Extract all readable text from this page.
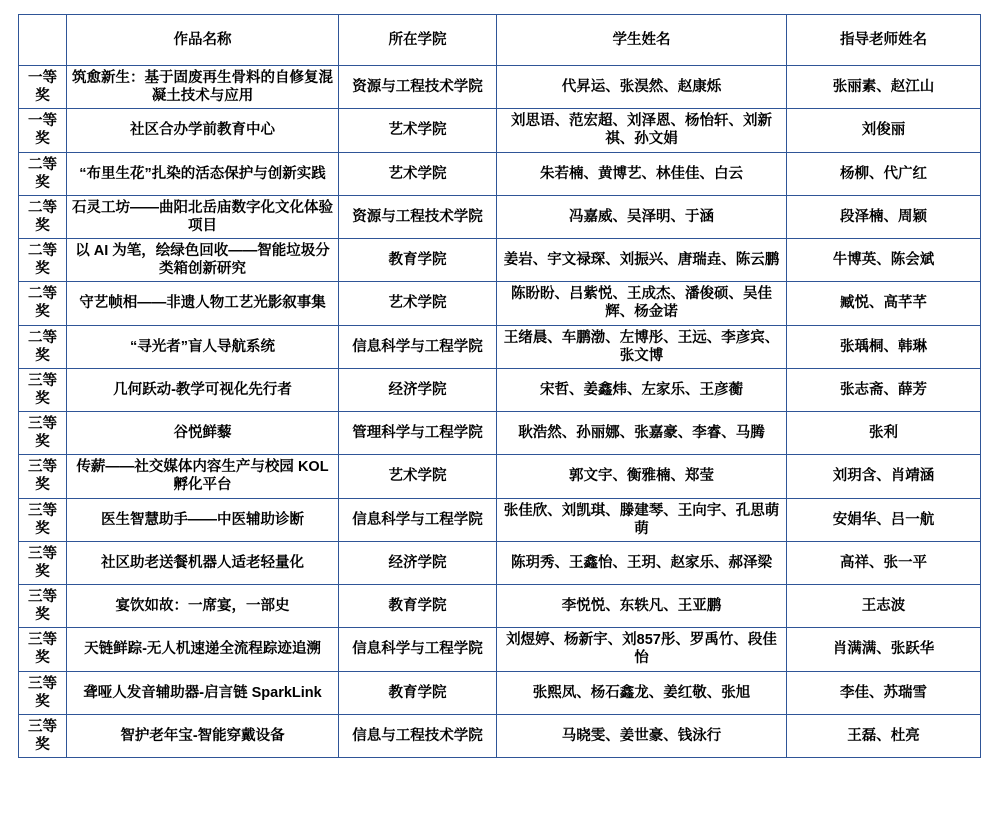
	作品名称	所在学院	学生姓名	指导老师姓名
一等奖	筑愈新生：基于固废再生骨料的自修复混凝土技术与应用	资源与工程技术学院	代昇运、张淏然、赵康烁	张丽素、赵江山
一等奖	社区合办学前教育中心	艺术学院	刘思语、范宏超、刘泽恩、杨怡轩、刘新祺、孙文娟	刘俊丽
二等奖	“布里生花”扎染的活态保护与创新实践	艺术学院	朱若楠、黄博艺、林佳佳、白云	杨柳、代广红
二等奖	石灵工坊——曲阳北岳庙数字化文化体验项目	资源与工程技术学院	冯嘉威、吴泽明、于涵	段泽楠、周颖
二等奖	以 AI 为笔，绘绿色回收——智能垃圾分类箱创新研究	教育学院	姜岩、宇文禄琛、刘振兴、唐瑞垚、陈云鹏	牛博英、陈会斌
二等奖	守艺帧相——非遗人物工艺光影叙事集	艺术学院	陈盼盼、吕紫悦、王成杰、潘俊硕、吴佳辉、杨金诺	臧悦、高芊芊
二等奖	“寻光者”盲人导航系统	信息科学与工程学院	王绪晨、车鹏渤、左博彤、王远、李彦宾、张文博	张瑀桐、韩琳
三等奖	几何跃动-教学可视化先行者	经济学院	宋哲、姜鑫炜、左家乐、王彦蘅	张志斋、薛芳
三等奖	谷悦鲜藜	管理科学与工程学院	耿浩然、孙丽娜、张嘉豪、李睿、马腾	张利
三等奖	传薪——社交媒体内容生产与校园 KOL 孵化平台	艺术学院	郭文宇、衡雅楠、郑莹	刘玥含、肖靖涵
三等奖	医生智慧助手——中医辅助诊断	信息科学与工程学院	张佳欣、刘凯琪、滕建琴、王向宇、孔思萌萌	安娟华、吕一航
三等奖	社区助老送餐机器人适老轻量化	经济学院	陈玥秀、王鑫怡、王玥、赵家乐、郝泽梁	高祥、张一平
三等奖	宴饮如故：一席宴，一部史	教育学院	李悦悦、东轶凡、王亚鹏	王志波
三等奖	天链鲜踪-无人机速递全流程踪迹追溯	信息科学与工程学院	刘煜婷、杨新宇、刘857彤、罗禹竹、段佳怡	肖满满、张跃华
三等奖	聋哑人发音辅助器-启言链 SparkLink	教育学院	张熙凤、杨石鑫龙、姜红敬、张旭	李佳、苏瑞雪
三等奖	智护老年宝-智能穿戴设备	信息与工程技术学院	马晓雯、姜世豪、钱泳行	王磊、杜亮
